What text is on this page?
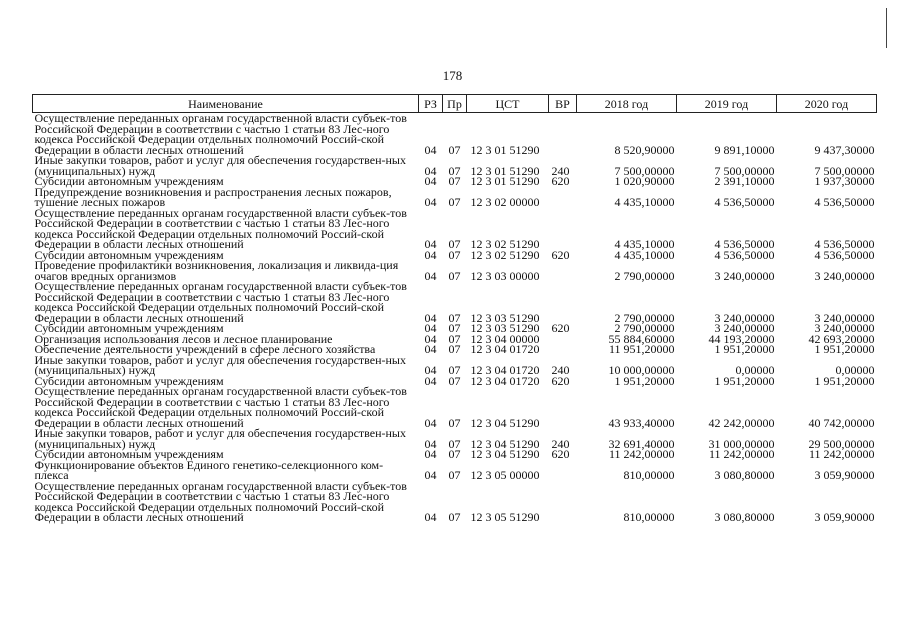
178
Наименование	РЗ	Пр	ЦСТ	ВР	2018 год	2019 год	2020 год
Осуществление переданных органам государственной власти субъек-тов Российской Федерации в соответствии с частью 1 статьи 83 Лес-ного кодекса Российской Федерации отдельных полномочий Россий-ской Федерации в области лесных отношений	04	07	12 3 01 51290		8 520,90000	9 891,10000	9 437,30000
Иные закупки товаров, работ и услуг для обеспечения государствен-ных (муниципальных) нужд	04	07	12 3 01 51290	240	7 500,00000	7 500,00000	7 500,00000
Субсидии автономным учреждениям	04	07	12 3 01 51290	620	1 020,90000	2 391,10000	1 937,30000
Предупреждение возникновения и распространения лесных пожаров, тушение лесных пожаров	04	07	12 3 02 00000		4 435,10000	4 536,50000	4 536,50000
Осуществление переданных органам государственной власти субъек-тов Российской Федерации в соответствии с частью 1 статьи 83 Лес-ного кодекса Российской Федерации отдельных полномочий Россий-ской Федерации в области лесных отношений	04	07	12 3 02 51290		4 435,10000	4 536,50000	4 536,50000
Субсидии автономным учреждениям	04	07	12 3 02 51290	620	4 435,10000	4 536,50000	4 536,50000
Проведение профилактики возникновения, локализация и ликвида-ция очагов вредных организмов	04	07	12 3 03 00000		2 790,00000	3 240,00000	3 240,00000
Осуществление переданных органам государственной власти субъек-тов Российской Федерации в соответствии с частью 1 статьи 83 Лес-ного кодекса Российской Федерации отдельных полномочий Россий-ской Федерации в области лесных отношений	04	07	12 3 03 51290		2 790,00000	3 240,00000	3 240,00000
Субсидии автономным учреждениям	04	07	12 3 03 51290	620	2 790,00000	3 240,00000	3 240,00000
Организация использования лесов и лесное планирование	04	07	12 3 04 00000		55 884,60000	44 193,20000	42 693,20000
Обеспечение деятельности учреждений в сфере лесного хозяйства	04	07	12 3 04 01720		11 951,20000	1 951,20000	1 951,20000
Иные закупки товаров, работ и услуг для обеспечения государствен-ных (муниципальных) нужд	04	07	12 3 04 01720	240	10 000,00000	0,00000	0,00000
Субсидии автономным учреждениям	04	07	12 3 04 01720	620	1 951,20000	1 951,20000	1 951,20000
Осуществление переданных органам государственной власти субъек-тов Российской Федерации в соответствии с частью 1 статьи 83 Лес-ного кодекса Российской Федерации отдельных полномочий Россий-ской Федерации в области лесных отношений	04	07	12 3 04 51290		43 933,40000	42 242,00000	40 742,00000
Иные закупки товаров, работ и услуг для обеспечения государствен-ных (муниципальных) нужд	04	07	12 3 04 51290	240	32 691,40000	31 000,00000	29 500,00000
Субсидии автономным учреждениям	04	07	12 3 04 51290	620	11 242,00000	11 242,00000	11 242,00000
Функционирование объектов Единого генетико-селекционного ком-плекса	04	07	12 3 05 00000		810,00000	3 080,80000	3 059,90000
Осуществление переданных органам государственной власти субъек-тов Российской Федерации в соответствии с частью 1 статьи 83 Лес-ного кодекса Российской Федерации отдельных полномочий Россий-ской Федерации в области лесных отношений	04	07	12 3 05 51290		810,00000	3 080,80000	3 059,90000
